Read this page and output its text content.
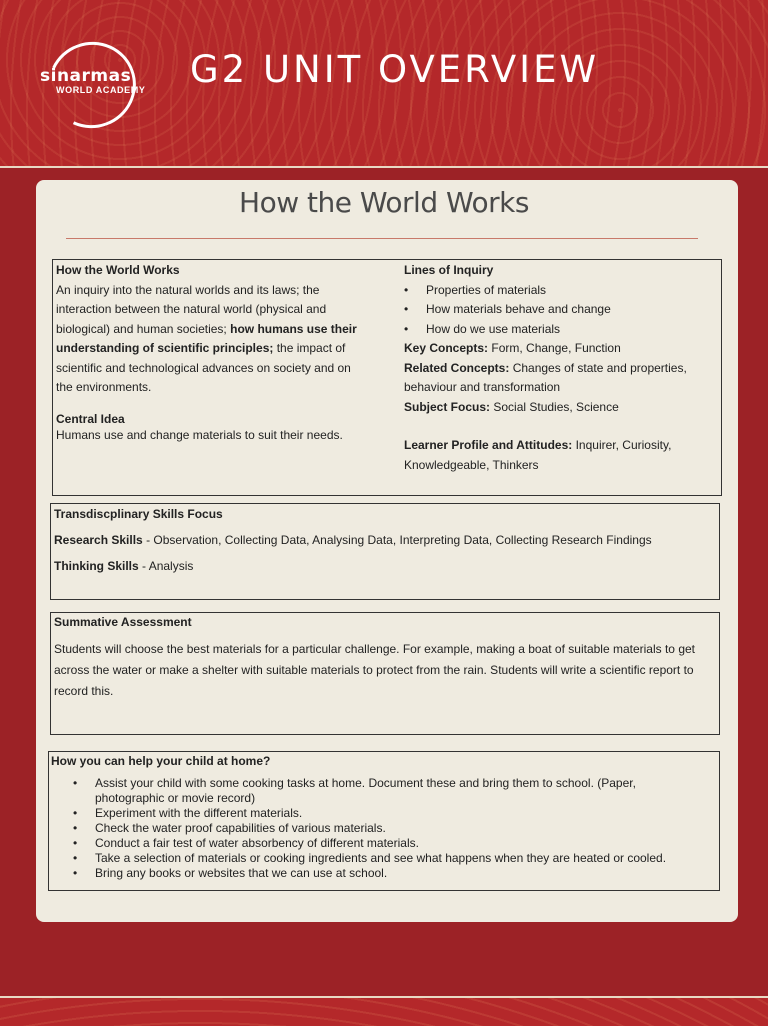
sinarmas
WORLD ACADEMY G2 UNIT OVERVIEW
How the World Works
How the World Works
An inquiry into the natural worlds and its laws; the interaction between the natural world (physical and biological) and human societies; how humans use their understanding of scientific principles; the impact of scientific and technological advances on society and on the environments.
Central Idea
Humans use and change materials to suit their needs.
Lines of Inquiry
• Properties of materials
• How materials behave and change
• How do we use materials
Key Concepts: Form, Change, Function
Related Concepts: Changes of state and properties, behaviour and transformation
Subject Focus: Social Studies, Science
Learner Profile and Attitudes: Inquirer, Curiosity, Knowledgeable, Thinkers
Transdiscplinary Skills Focus
Research Skills - Observation, Collecting Data, Analysing Data, Interpreting Data, Collecting Research Findings
Thinking Skills - Analysis
Summative Assessment
Students will choose the best materials for a particular challenge. For example, making a boat of suitable materials to get across the water or make a shelter with suitable materials to protect from the rain. Students will write a scientific report to record this.
How you can help your child at home?
• Assist your child with some cooking tasks at home. Document these and bring them to school. (Paper, photographic or movie record)
• Experiment with the different materials.
• Check the water proof capabilities of various materials.
• Conduct a fair test of water absorbency of different materials.
• Take a selection of materials or cooking ingredients and see what happens when they are heated or cooled.
• Bring any books or websites that we can use at school.
